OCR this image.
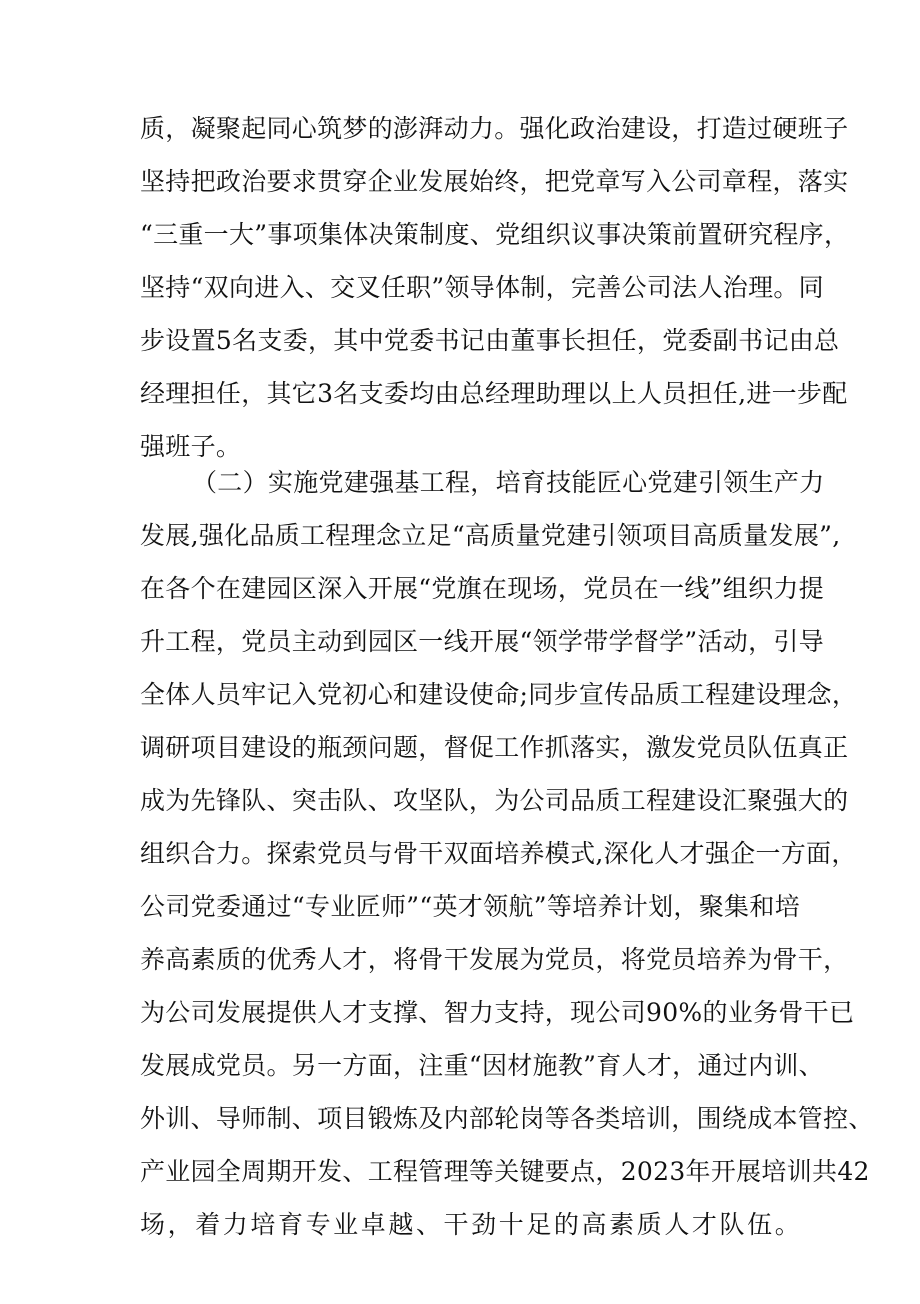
质，凝聚起同心筑梦的澎湃动力。强化政治建设，打造过硬班子
坚持把政治要求贯穿企业发展始终，把党章写入公司章程，落实
“三重一大”事项集体决策制度、党组织议事决策前置研究程序，
坚持“双向进入、交叉任职”领导体制，完善公司法人治理。同
步设置5名支委，其中党委书记由董事长担任，党委副书记由总
经理担任，其它3名支委均由总经理助理以上人员担任,进一步配
强班子。
（二）实施党建强基工程，培育技能匠心党建引领生产力
发展,强化品质工程理念立足“高质量党建引领项目高质量发展”,
在各个在建园区深入开展“党旗在现场，党员在一线”组织力提
升工程，党员主动到园区一线开展“领学带学督学”活动，引导
全体人员牢记入党初心和建设使命;同步宣传品质工程建设理念，
调研项目建设的瓶颈问题，督促工作抓落实，激发党员队伍真正
成为先锋队、突击队、攻坚队，为公司品质工程建设汇聚强大的
组织合力。探索党员与骨干双面培养模式,深化人才强企一方面，
公司党委通过“专业匠师”“英才领航”等培养计划，聚集和培
养高素质的优秀人才，将骨干发展为党员，将党员培养为骨干，
为公司发展提供人才支撑、智力支持，现公司90%的业务骨干已
发展成党员。另一方面，注重“因材施教”育人才，通过内训、
外训、导师制、项目锻炼及内部轮岗等各类培训，围绕成本管控、
产业园全周期开发、工程管理等关键要点，2023年开展培训共42
场，着力培育专业卓越、干劲十足的高素质人才队伍。
